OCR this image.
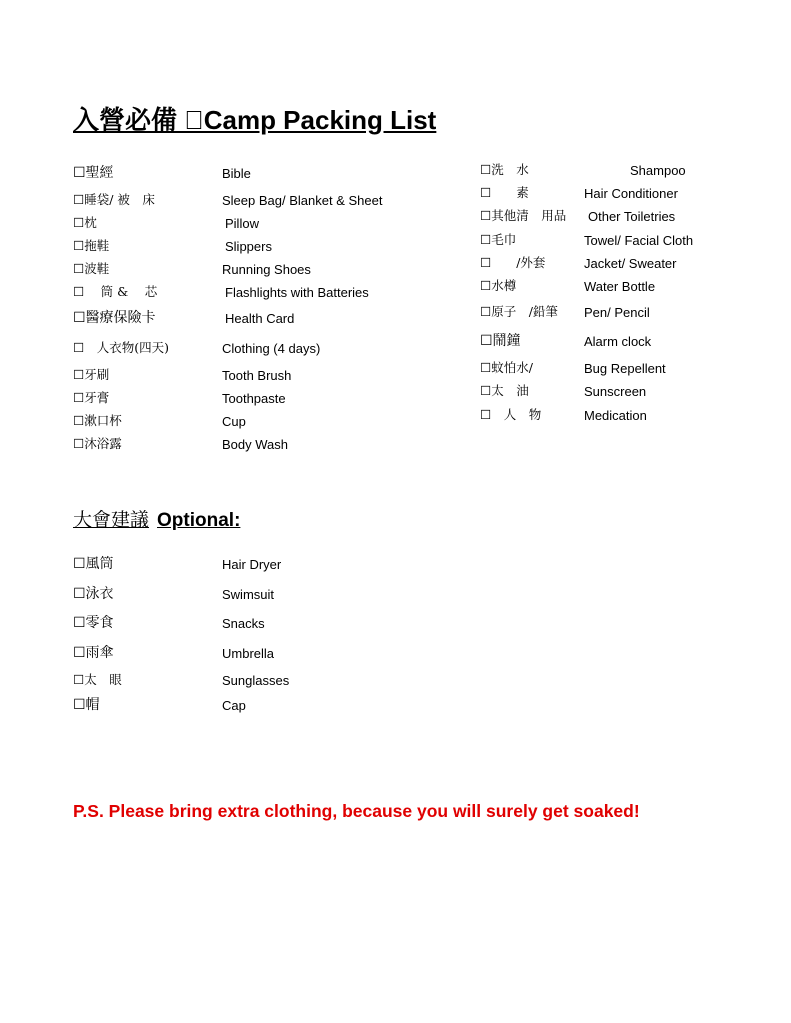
入營必備  Camp Packing List
☐聖經	Bible
☐睡袋/ 被　床	Sleep Bag/ Blanket & Sheet
☐枕	Pillow
☐拖鞋	Slippers
☐波鞋	Running Shoes
☐　 筒 &　 芯	Flashlights with Batteries
☐醫療保險卡	Health Card
☐　人衣物(四天)	Clothing (4 days)
☐牙刷	Tooth Brush
☐牙膏	Toothpaste
☐漱口杯	Cup
☐沐浴露	Body Wash
☐洗　水	Shampoo
☐　　素	Hair Conditioner
☐其他清　用品 Other Toiletries
☐毛巾	Towel/ Facial Cloth
☐　　/外套	Jacket/ Sweater
☐水樽	Water Bottle
☐原子　/鉛筆 Pen/ Pencil
☐鬧鐘	Alarm clock
☐蚊怕水/	Bug Repellent
☐太　油	Sunscreen
☐　人　物	Medication
大會建議 Optional:
☐風筒	Hair Dryer
☐泳衣	Swimsuit
☐零食	Snacks
☐雨傘	Umbrella
☐太　眼	Sunglasses
☐帽	Cap
P.S. Please bring extra clothing, because you will surely get soaked!
